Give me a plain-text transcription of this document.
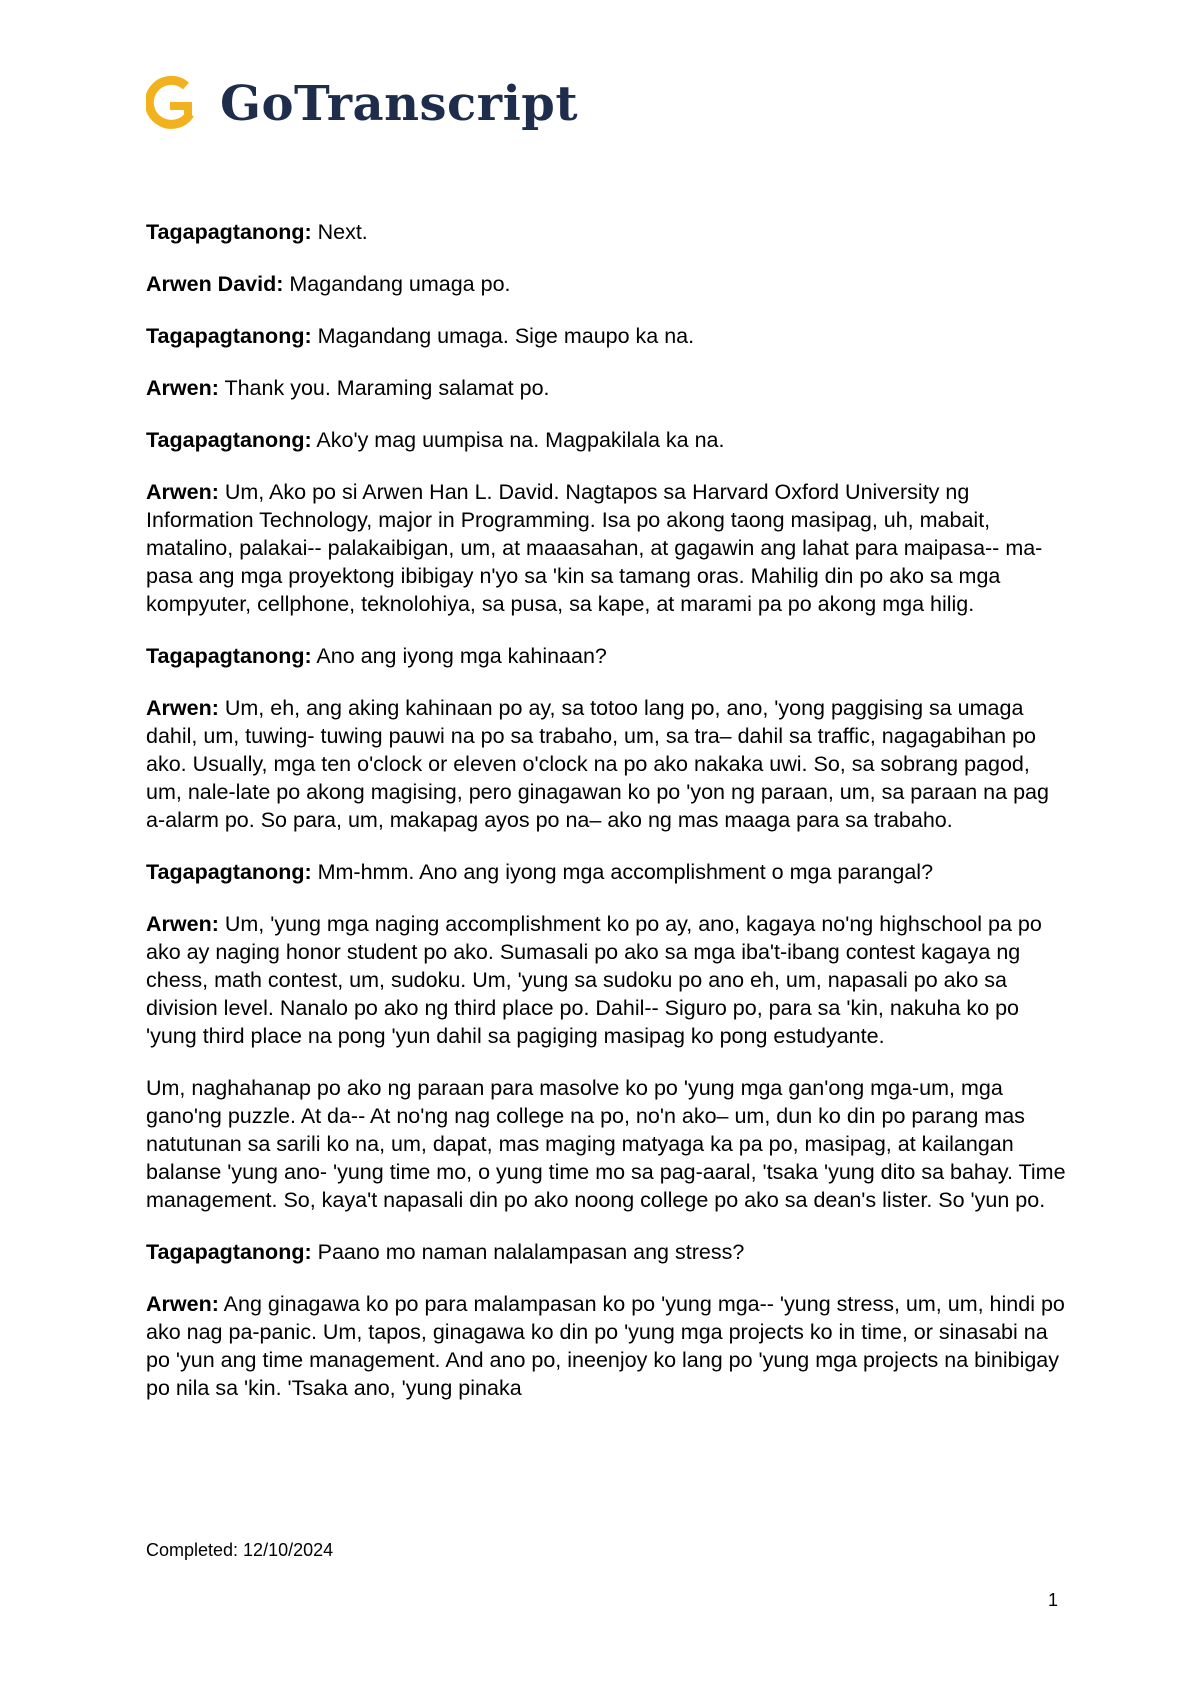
GoTranscript

Tagapagtanong: Next.

Arwen David: Magandang umaga po.

Tagapagtanong: Magandang umaga. Sige maupo ka na.

Arwen: Thank you. Maraming salamat po.

Tagapagtanong: Ako'y mag uumpisa na. Magpakilala ka na.

Arwen: Um, Ako po si Arwen Han L. David. Nagtapos sa Harvard Oxford University ng Information Technology, major in Programming. Isa po akong taong masipag, uh, mabait, matalino, palakai-- palakaibigan, um, at maaasahan, at gagawin ang lahat para maipasa-- ma-pasa ang mga proyektong ibibigay n'yo sa 'kin sa tamang oras. Mahilig din po ako sa mga kompyuter, cellphone, teknolohiya, sa pusa, sa kape, at marami pa po akong mga hilig.

Tagapagtanong: Ano ang iyong mga kahinaan?

Arwen: Um, eh, ang aking kahinaan po ay, sa totoo lang po, ano, 'yong paggising sa umaga dahil, um, tuwing- tuwing pauwi na po sa trabaho, um, sa tra– dahil sa traffic, nagagabihan po ako. Usually, mga ten o'clock or eleven o'clock na po ako nakaka uwi. So, sa sobrang pagod, um, nale-late po akong magising, pero ginagawan ko po 'yon ng paraan, um, sa paraan na pag a-alarm po. So para, um, makapag ayos po na– ako ng mas maaga para sa trabaho.

Tagapagtanong: Mm-hmm. Ano ang iyong mga accomplishment o mga parangal?

Arwen: Um, 'yung mga naging accomplishment ko po ay, ano, kagaya no'ng highschool pa po ako ay naging honor student po ako. Sumasali po ako sa mga iba't-ibang contest kagaya ng chess, math contest, um, sudoku. Um, 'yung sa sudoku po ano eh, um, napasali po ako sa division level. Nanalo po ako ng third place po. Dahil-- Siguro po, para sa 'kin, nakuha ko po 'yung third place na pong 'yun dahil sa pagiging masipag ko pong estudyante.

Um, naghahanap po ako ng paraan para masolve ko po 'yung mga gan'ong mga-um, mga gano'ng puzzle. At da-- At no'ng nag college na po, no'n ako– um, dun ko din po parang mas natutunan sa sarili ko na, um, dapat, mas maging matyaga ka pa po, masipag, at kailangan balanse 'yung ano- 'yung time mo, o yung time mo sa pag-aaral, 'tsaka 'yung dito sa bahay. Time management. So, kaya't napasali din po ako noong college po ako sa dean's lister. So 'yun po.

Tagapagtanong: Paano mo naman nalalampasan ang stress?

Arwen: Ang ginagawa ko po para malampasan ko po 'yung mga-- 'yung stress, um, um, hindi po ako nag pa-panic. Um, tapos, ginagawa ko din po 'yung mga projects ko in time, or sinasabi na po 'yun ang time management. And ano po, ineenjoy ko lang po 'yung mga projects na binibigay po nila sa 'kin. 'Tsaka ano, 'yung pinaka

Completed: 12/10/2024
1
